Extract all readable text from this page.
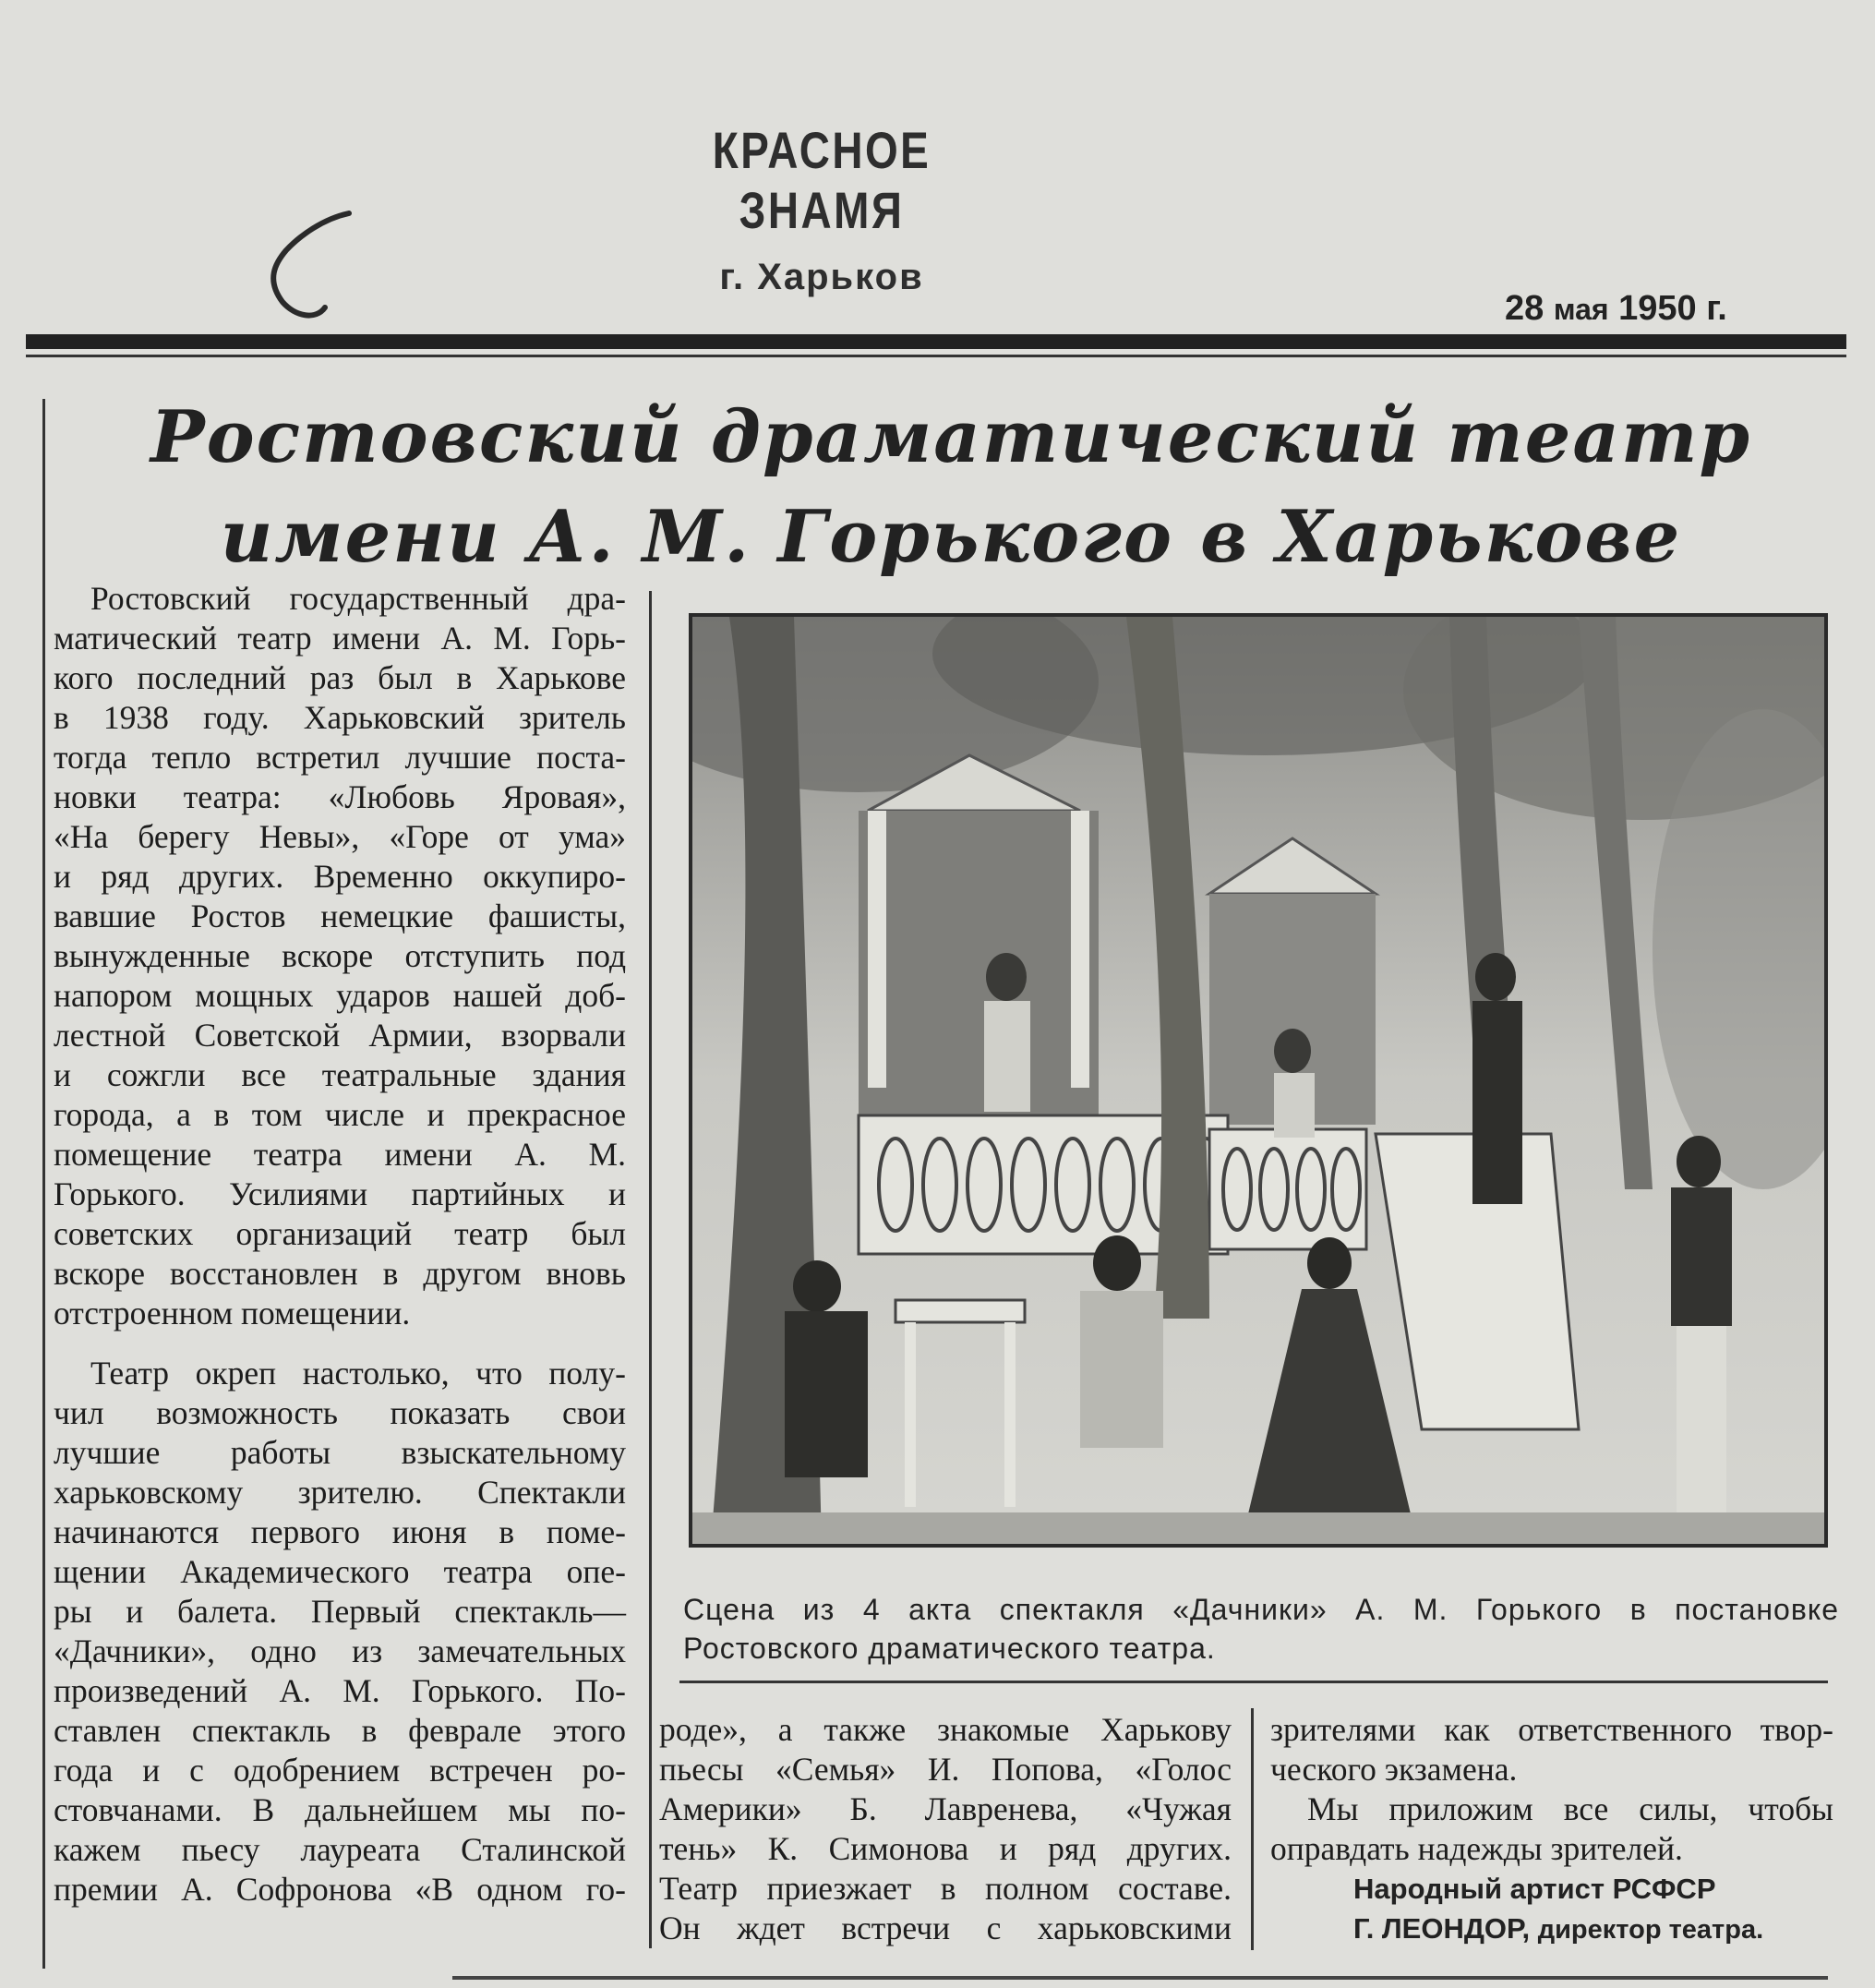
КРАСНОЕ ЗНАМЯ
г. Харьков
28 мая 1950 г.
Ростовский драматический театр
имени А. М. Горького в Харькове

Ростовский государственный дра-
матический театр имени А. М. Горь-
кого последний раз был в Харькове
в 1938 году. Харьковский зритель
тогда тепло встретил лучшие поста-
новки театра: «Любовь Яровая»,
«На берегу Невы», «Горе от ума»
и ряд других. Временно оккупиро-
вавшие Ростов немецкие фашисты,
вынужденные вскоре отступить под
напором мощных ударов нашей доб-
лестной Советской Армии, взорвали
и сожгли все театральные здания
города, а в том числе и прекрасное
помещение театра имени А. М.
Горького. Усилиями партийных и
советских организаций театр был
вскоре восстановлен в другом вновь
отстроенном помещении.

Театр окреп настолько, что полу-
чил возможность показать свои
лучшие работы взыскательному
харьковскому зрителю. Спектакли
начинаются первого июня в поме-
щении Академического театра опе-
ры и балета. Первый спектакль—
«Дачники», одно из замечательных
произведений А. М. Горького. По-
ставлен спектакль в феврале этого
года и с одобрением встречен ро-
стовчанами. В дальнейшем мы по-
кажем пьесу лауреата Сталинской
премии А. Софронова «В одном го-

Сцена из 4 акта спектакля «Дачники» А. М. Горького в постановке
Ростовского драматического театра.
роде», а также знакомые Харькову
пьесы «Семья» И. Попова, «Голос
Америки» Б. Лавренева, «Чужая
тень» К. Симонова и ряд других.
Театр приезжает в полном составе.
Он ждет встречи с харьковскими
зрителями как ответственного твор-
ческого экзамена.
Мы приложим все силы, чтобы
оправдать надежды зрителей.
Народный артист РСФСР
Г. ЛЕОНДОР, директор театра.
